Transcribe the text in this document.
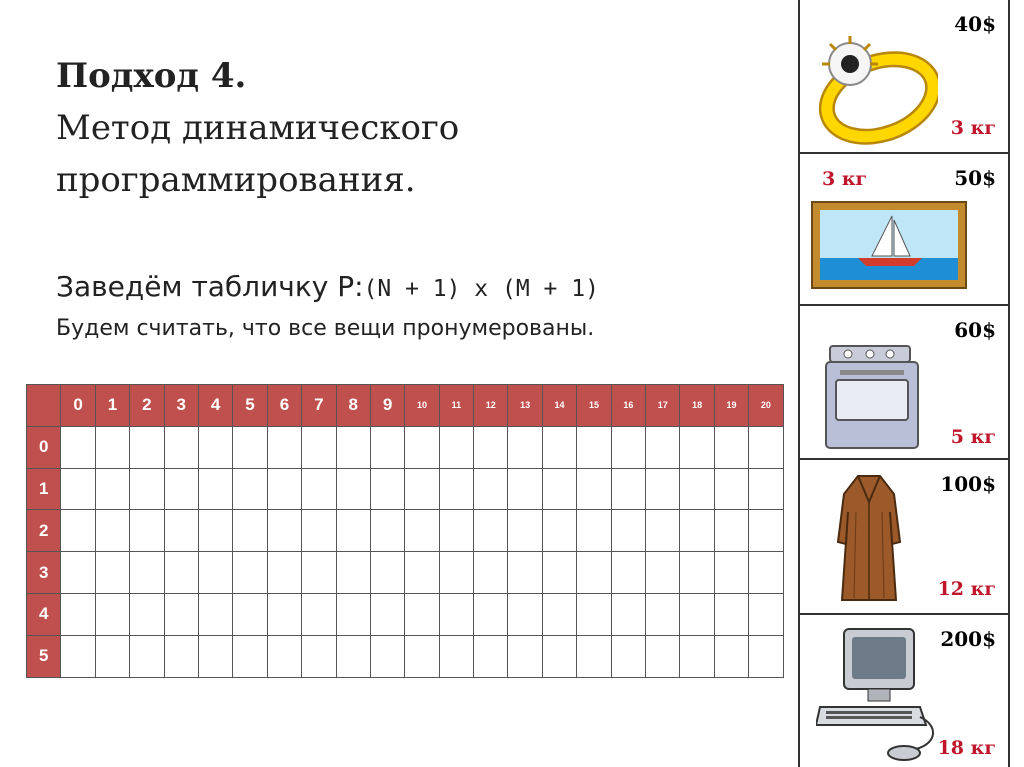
Подход 4.
Метод динамического
программирования.
Заведём табличку P:(N + 1) x (M + 1)
Будем считать, что все вещи пронумерованы.
	0	1	2	3	4	5	6	7	8	9	10	11	12	13	14	15	16	17	18	19	20
0																					
1																					
2																					
3																					
4																					
5																					
40$
3 кг
50$
3 кг
60$
5 кг
100$
12 кг
200$
18 кг
